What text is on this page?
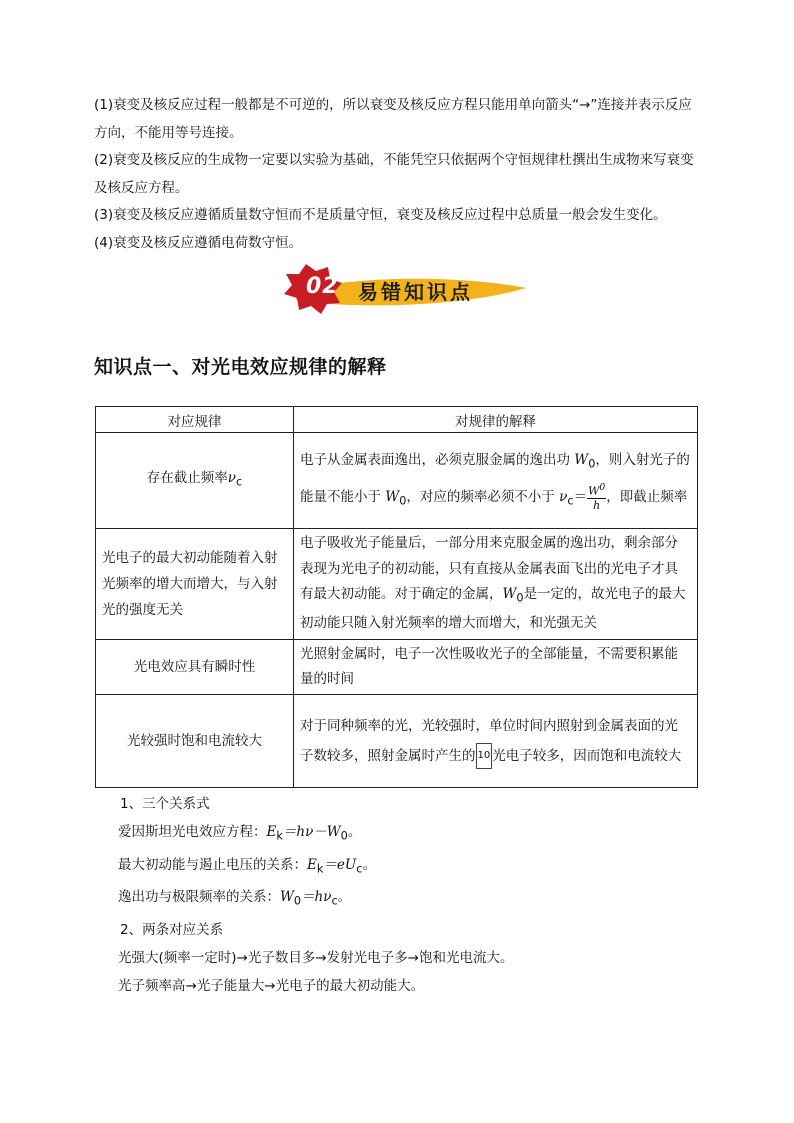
(1)衰变及核反应过程一般都是不可逆的，所以衰变及核反应方程只能用单向箭头“→”连接并表示反应方向，不能用等号连接。

(2)衰变及核反应的生成物一定要以实验为基础，不能凭空只依据两个守恒规律杜撰出生成物来写衰变及核反应方程。

(3)衰变及核反应遵循质量数守恒而不是质量守恒，衰变及核反应过程中总质量一般会发生变化。

(4)衰变及核反应遵循电荷数守恒。

02 易错知识点
知识点一、对光电效应规律的解释
对应规律	对规律的解释
存在截止频率$\nu_c$	电子从金属表面逸出，必须克服金属的逸出功 $W_0$，则入射光子的能量不能小于 $W_0$，对应的频率必须不小于 $\nu_c= \frac{W^0}{h}$ ，即截止频率
光电子的最大初动能随着入射光频率的增大而增大，与入射光的强度无关	电子吸收光子能量后，一部分用来克服金属的逸出功，剩余部分表现为光电子的初动能，只有直接从金属表面飞出的光电子才具有最大初动能。对于确定的金属，$W_0$是一定的，故光电子的最大初动能只随入射光频率的增大而增大，和光强无关
光电效应具有瞬时性	光照射金属时，电子一次性吸收光子的全部能量，不需要积累能量的时间
光较强时饱和电流较大	对于同种频率的光，光较强时，单位时间内照射到金属表面的光子数较多，照射金属时产生的 10 光电子较多，因而饱和电流较大

1、三个关系式

爱因斯坦光电效应方程：$E_k=h\nu-W_0$。

最大初动能与遏止电压的关系：$E_k=eU_c$。

逸出功与极限频率的关系：$W_0=h\nu_c$。

2、两条对应关系

光强大(频率一定时)→光子数目多→发射光电子多→饱和光电流大。

光子频率高→光子能量大→光电子的最大初动能大。
